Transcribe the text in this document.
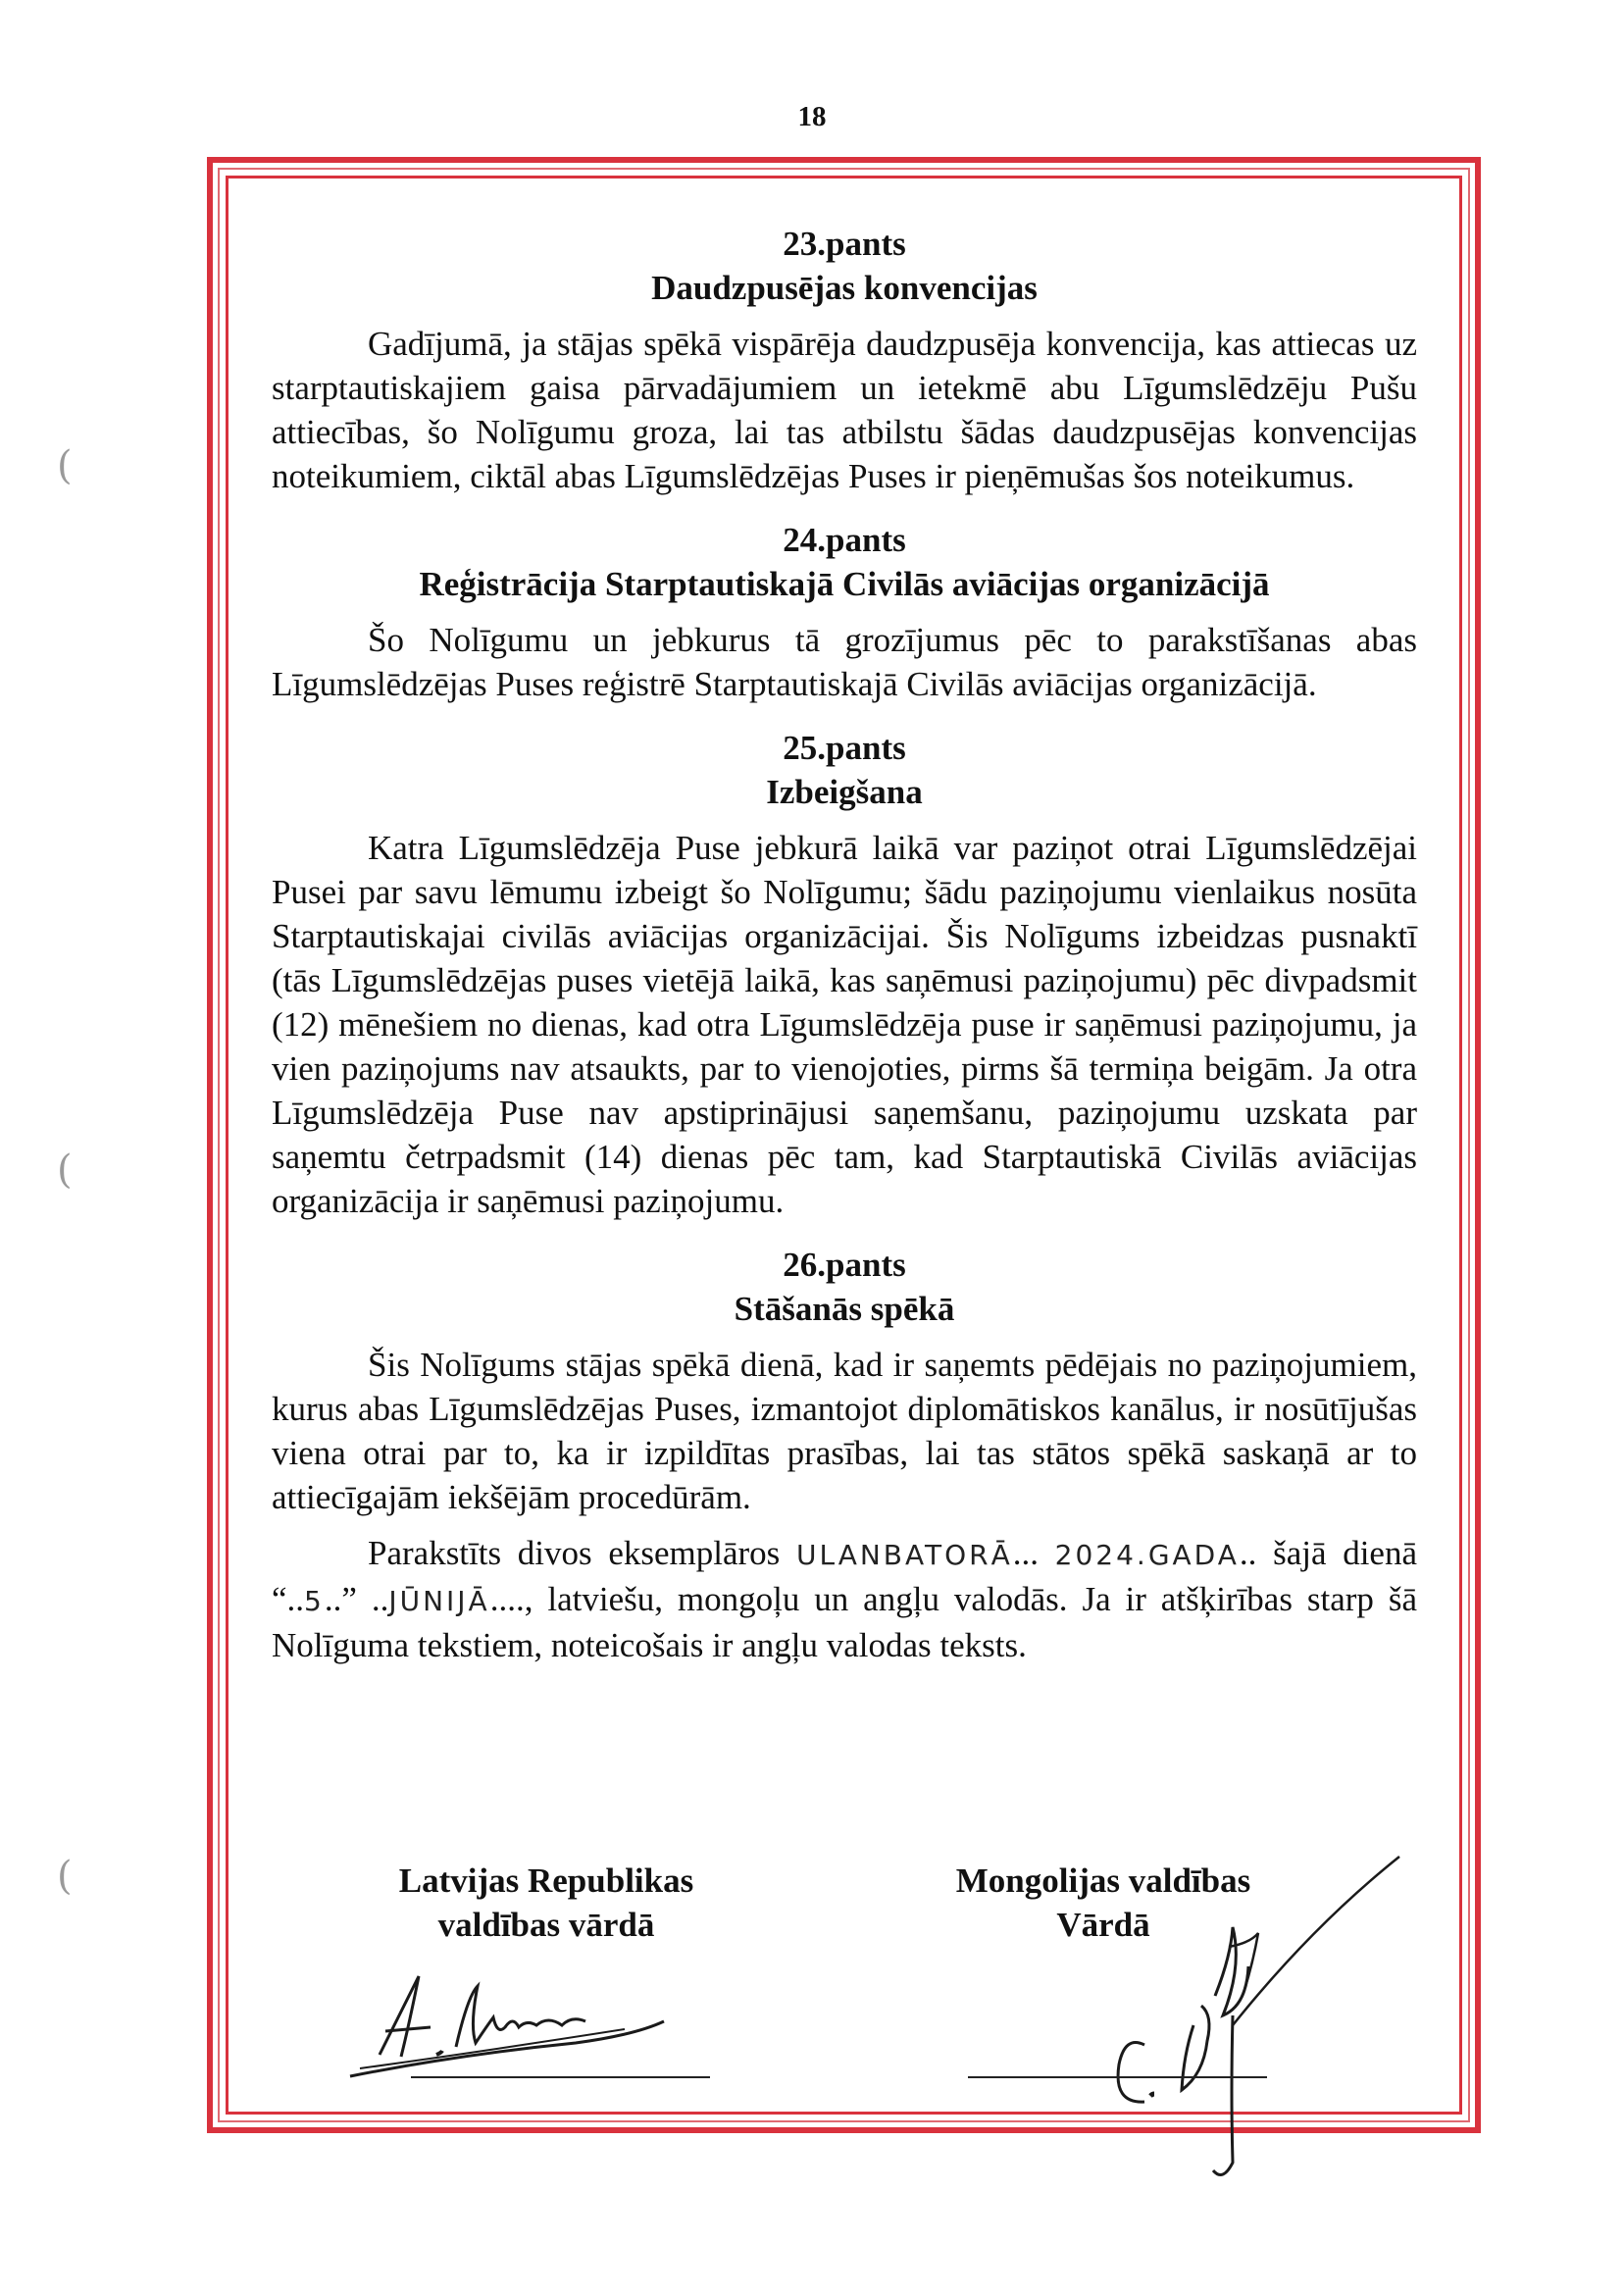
18
(
(
(
23.pants
Daudzpusējas konvencijas

Gadījumā, ja stājas spēkā vispārēja daudzpusēja konvencija, kas attiecas uz starptautiskajiem gaisa pārvadājumiem un ietekmē abu Līgumslēdzēju Pušu attiecības, šo Nolīgumu groza, lai tas atbilstu šādas daudzpusējas konvencijas noteikumiem, ciktāl abas Līgumslēdzējas Puses ir pieņēmušas šos noteikumus.

24.pants
Reģistrācija Starptautiskajā Civilās aviācijas organizācijā

Šo Nolīgumu un jebkurus tā grozījumus pēc to parakstīšanas abas Līgumslēdzējas Puses reģistrē Starptautiskajā Civilās aviācijas organizācijā.

25.pants
Izbeigšana

Katra Līgumslēdzēja Puse jebkurā laikā var paziņot otrai Līgumslēdzējai Pusei par savu lēmumu izbeigt šo Nolīgumu; šādu paziņojumu vienlaikus nosūta Starptautiskajai civilās aviācijas organizācijai. Šis Nolīgums izbeidzas pusnaktī (tās Līgumslēdzējas puses vietējā laikā, kas saņēmusi paziņojumu) pēc divpadsmit (12) mēnešiem no dienas, kad otra Līgumslēdzēja puse ir saņēmusi paziņojumu, ja vien paziņojums nav atsaukts, par to vienojoties, pirms šā termiņa beigām. Ja otra Līgumslēdzēja Puse nav apstiprinājusi saņemšanu, paziņojumu uzskata par saņemtu četrpadsmit (14) dienas pēc tam, kad Starptautiskā Civilās aviācijas organizācija ir saņēmusi paziņojumu.

26.pants
Stāšanās spēkā

Šis Nolīgums stājas spēkā dienā, kad ir saņemts pēdējais no paziņojumiem, kurus abas Līgumslēdzējas Puses, izmantojot diplomātiskos kanālus, ir nosūtījušas viena otrai par to, ka ir izpildītas prasības, lai tas stātos spēkā saskaņā ar to attiecīgajām iekšējām procedūrām.

Parakstīts divos eksemplāros ULANBATORĀ... 2024.GADA.. šajā dienā “..5..” ..JŪNIJĀ...., latviešu, mongoļu un angļu valodās. Ja ir atšķirības starp šā Nolīguma tekstiem, noteicošais ir angļu valodas teksts.

Latvijas Republikas
valdības vārdā
Mongolijas valdības
Vārdā
